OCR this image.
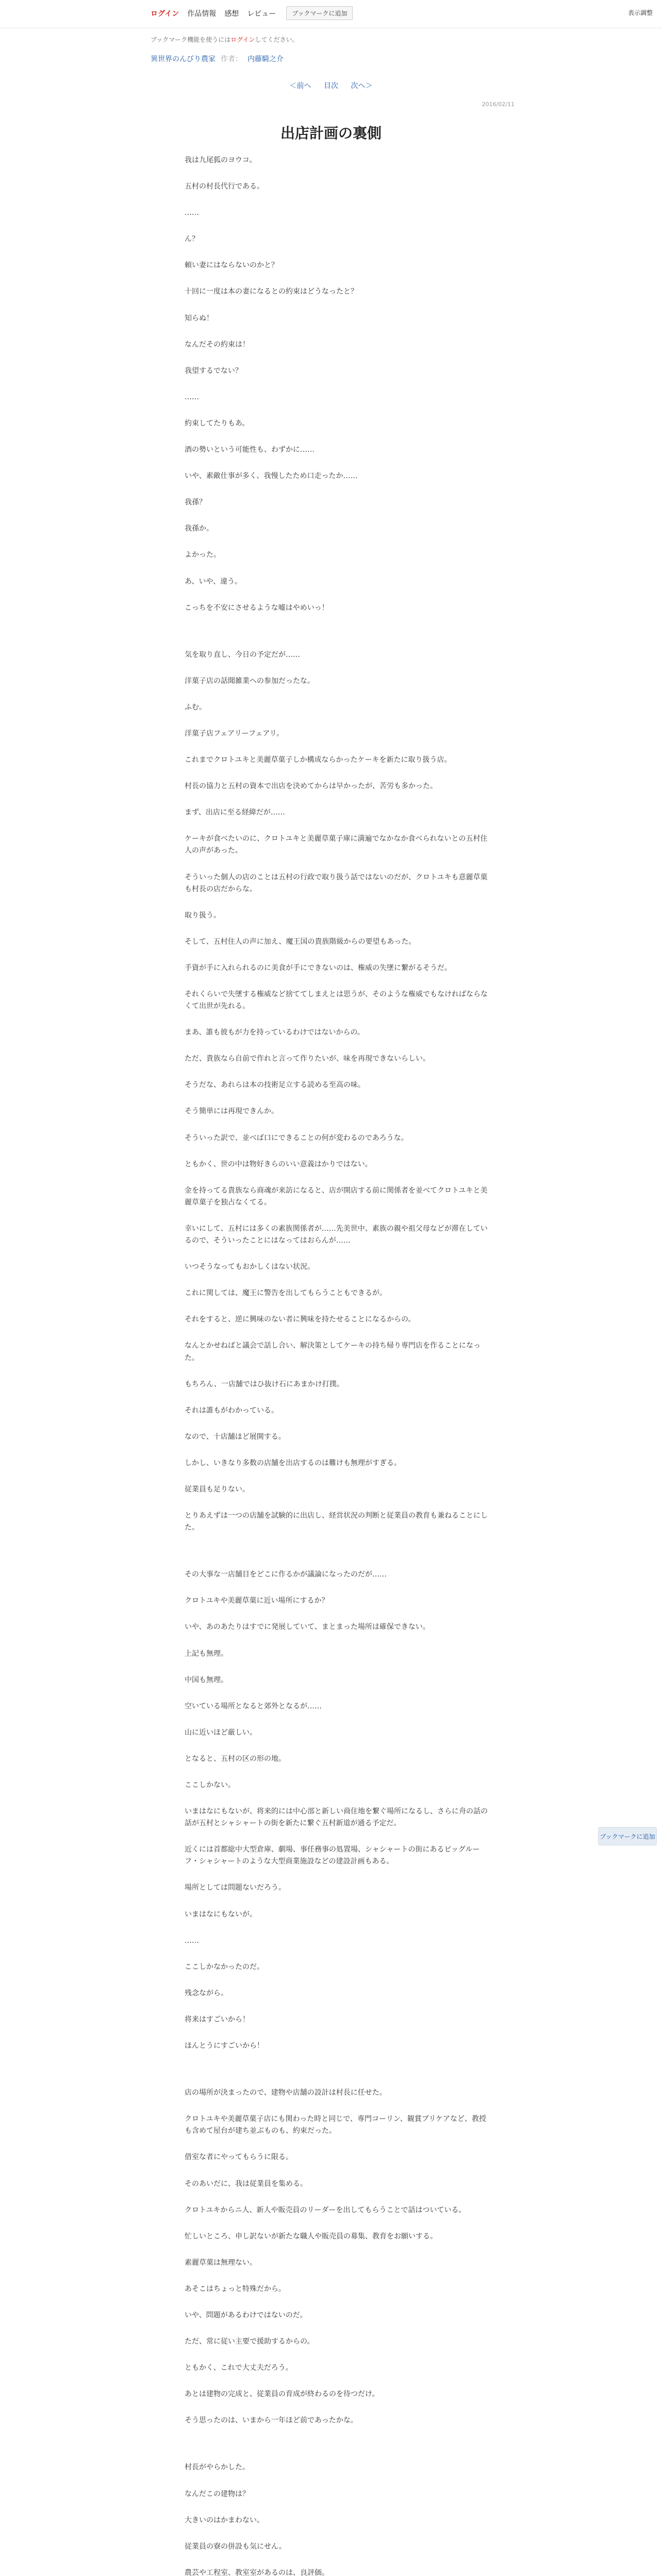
ログイン 作品情報 感想 レビュー	ブックマークに追加	表示調整
ブックマーク機能を使うにはログインしてください。
異世界のんびり農家 作者： 内藤騎之介
＜前へ 目次 次へ＞
2016/02/11
出店計画の裏側

我は九尾狐のヨウコ。

五村の村長代行である。

……

ん？

頼い妻にはならないのかと？

十回に一度は本の妻になるとの約束はどうなったと？

知らぬ！

なんだその約束は！

我望するでない？

……

約束してたりもあ。

酒の勢いという可能性も、わずかに……

いや、素敵仕事が多く、我慢したため口走ったか……

我孫？

我孫か。

よかった。

あ、いや、違う。

こっちを不安にさせるような嘘はやめいっ！

気を取り直し、今日の予定だが……

洋菓子店の話聞雑業への参加だったな。

ふむ。

洋菓子店フェアリーフェアリ。

これまでクロトユキと美麗草菓子しか構成ならかったケーキを新たに取り扱う店。

村長の協力と五村の資本で出店を決めてからは早かったが、苦労も多かった。

まず、出店に至る経緯だが……

ケーキが食べたいのに、クロトユキと美麗草菓子庫に満遍でなかなか食べられないとの五村住人の声があった。

そういった個人の店のことは五村の行政で取り扱う話ではないのだが、クロトユキも意麗草菓も村長の店だからな。

取り扱う。

そして、五村住人の声に加え、魔王国の貴族階級からの要望もあった。

手資が手に入れられるのに美食が手にできないのは、権威の失墜に繋がるそうだ。

それくらいで失墜する権威など捨ててしまえとは思うが、そのような権威でもなければならなくて出世が先れる。

まあ、誰も彼もが力を持っているわけではないからの。

ただ、貴族なら自前で作れと言って作りたいが、味を再現できないらしい。

そうだな、あれらは本の技術足立する読める至高の味。

そう簡単には再現できんか。

そういった訳で、並べば口にできることの何が変わるのであろうな。

ともかく、世の中は物好きらのいい意義はかりではない。

金を持ってる貴族なら商魂が来訪になると、店が開店する前に関係者を並べてクロトユキと美麗草菓子を独占なくてる。

幸いにして、五村には多くの素族関係者が……先美世中、素族の親や祖父母などが滞在しているので、そういったことにはなってはおらんが……

いつそうなってもおかしくはない状況。

これに関しては、魔王に警告を出してもらうこともできるが。

それをすると、逆に興味のない者に興味を持たせることになるからの。

なんとかせねばと議会で話し合い、解決策としてケーキの持ち帰り専門店を作ることになった。

もちろん、一店舗ではひ抜け石にあまかけ打撲。

それは誰もがわかっている。

なので、十店舗ほど展開する。

しかし、いきなり多数の店舗を出店するのは難けも無理がすぎる。

従業員も足りない。

とりあえずは一つの店舗を試験的に出店し、経営状況の判断と従業員の教育も兼ねることにした。

その大事な一店舗目をどこに作るかが議論になったのだが……

クロトユキや美麗草菓に近い場所にするか？

いや、あのあたりはすでに発展していて、まとまった場所は確保できない。

上記も無理。

中国も無理。

空いている場所となると郊外となるが……

山に近いほど厳しい。

となると、五村の区の形の地。

ここしかない。

いまはなにもないが、将来的には中心部と新しい商住地を繋ぐ場所になるし、さらに舟の話の話が五村とシャシャートの街を新たに繋ぐ五村新道が通る予定だ。

近くには首都総中大型倉庫、劇場、事任務事の処置場、シャシャートの街にあるビッグルーフ・シャシャートのような大型商業施設などの建設計画もある。

場所としては問題ないだろう。

いまはなにもないが。

……

ここしかなかったのだ。

残念ながら。

将来はすごいから！

ほんとうにすごいから！

店の場所が決まったので、建物や店舗の設計は村長に任せた。

クロトユキや美麗草菓子店にも関わった時と同じで、専門コーリン、観賞ブリケアなど、教授も含めて屋台が建ち並ぶものも、約束だった。

借室な者にやってもらうに限る。

そのあいだに、我は従業員を集める。

クロトユキからニ人、新人や販売員のリーダーを出してもらうことで話はついている。

忙しいところ、申し訳ないが新たな職人や販売員の募集、教育をお願いする。

素麗草菓は無理ない。

あそこはちょっと特殊だから。

いや、問題があるわけではないのだ。

ただ、常に従い主要で援助するからの。

ともかく、これで大丈夫だろう。

あとは建物の完成と、従業員の育成が終わるのを待つだけ。

そう思ったのは、いまから一年ほど前であったかな。

村長がやらかした。

なんだこの建物は？

大きいのはかまわない。

従業員の寮の併設も気にせん。

農芸や工程室、教室室があるのは、良評価。

ブックマークに追加
